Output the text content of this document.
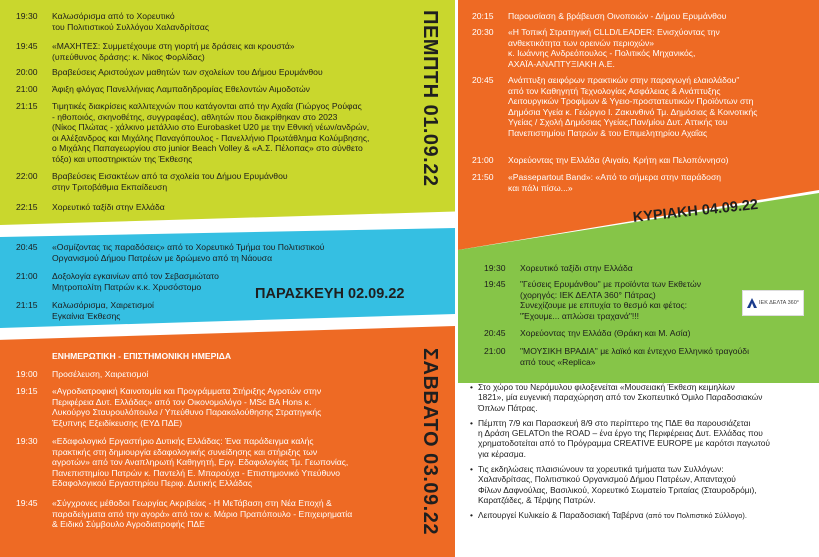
ΠΕΜΠΤΗ 01.09.22
ΣΑΒΒΑΤΟ 03.09.22
ΠΑΡΑΣΚΕΥΗ 02.09.22
ΚΥΡΙΑΚΗ 04.09.22
ΕΝΗΜΕΡΩΤΙΚΗ - ΕΠΙΣΤΗΜΟΝΙΚΗ ΗΜΕΡΙΔΑ
19:30	Καλωσόρισμα από το Χορευτικό
του Πολιτιστικού Συλλόγου Χαλανδρίτσας
19:45	«ΜΑΧΗΤΕΣ: Συμμετέχουμε στη γιορτή με δράσεις και κρουστά»
(υπεύθυνος δράσης: κ. Νίκος Φορλίδας)
20:00	Βραβεύσεις Αριστούχων μαθητών των σχολείων του Δήμου Ερυμάνθου
21:00	Άφιξη φλόγας Πανελλήνιας Λαμπαδηδρομίας Εθελοντών Αιμοδοτών
21:15	Τιμητικές διακρίσεις καλλιτεχνών που κατάγονται από την Αχαΐα (Γιώργος Ρούφας
- ηθοποιός, σκηνοθέτης, συγγραφέας), αθλητών που διακρίθηκαν στο 2023
(Νίκος Πλώτας - χάλκινο μετάλλιο στο Eurobasket U20 με την Εθνική νέων/ανδρών,
οι Αλέξανδρος και Μιχάλης Παναγόπουλος - Πανελλήνιο Πρωτάθλημα Κολύμβησης,
ο Μιχάλης Παπαγεωργίου στο junior Beach Volley & «Α.Σ. Πέλοπας» στο σύνθετο
τόξο) και υποστηρικτών της Έκθεσης
22:00	Βραβεύσεις Εισακτέων από τα σχολεία του Δήμου Ερυμάνθου
στην Τριτοβάθμια Εκπαίδευση
22:15	Χορευτικό ταξίδι στην Ελλάδα
20:45	«Οσμίζοντας τις παραδόσεις» από το Χορευτικό Τμήμα του Πολιτιστικού
Οργανισμού Δήμου Πατρέων με δρώμενο από τη Νάουσα
21:00	Δοξολογία εγκαινίων από τον Σεβασμιώτατο
Μητροπολίτη Πατρών κ.κ. Χρυσόστομο
21:15	Καλωσόρισμα, Χαιρετισμοί
Εγκαίνια Έκθεσης
19:00	Προσέλευση, Χαιρετισμοί
19:15	«Αγροδιατροφική Καινοτομία και Προγράμματα Στήριξης Αγροτών στην
Περιφέρεια Δυτ. Ελλάδας» από τον Οικονομολόγο - MSc ΒΑ Hons κ.
Λυκούργο Σταυρουλόπουλο / Υπεύθυνο Παρακολούθησης Στρατηγικής
Έξυπνης Εξειδίκευσης (ΕΥΔ ΠΔΕ)
19:30	«Εδαφολογικό Εργαστήριο Δυτικής Ελλάδας: Ένα παράδειγμα καλής
πρακτικής στη δημιουργία εδαφολογικής συνείδησης και στήριξης των
αγροτών» από τον Αναπληρωτή Καθηγητή, Εργ. Εδαφολογίας Τμ. Γεωπονίας,
Πανεπιστημίου Πατρών κ. Παντελή Ε. Μπαρούχα - Επιστημονικό Υπεύθυνο
Εδαφολογικού Εργαστηρίου Περιφ. Δυτικής Ελλάδας
19:45	«Σύγχρονες μέθοδοι Γεωργίας Ακριβείας - Η ΜεΤάβαση στη Νέα Εποχή &
παραδείγματα από την αγορά» από τον κ. Μάριο Πραπόπουλο - Επιχειρηματία
& Ειδικό Σύμβουλο Αγροδιατροφής ΠΔΕ
20:15	Παρουσίαση & βράβευση Οινοποιών - Δήμου Ερυμάνθου
20:30	«Η Τοπική Στρατηγική CLLD/LEADER: Ενισχύοντας την
ανθεκτικότητα των ορεινών περιοχών»
κ. Ιωάννης Ανδρεόπουλος - Πολιτικός Μηχανικός,
ΑΧΑΪΑ-ΑΝΑΠΤΥΞΙΑΚΗ Α.Ε.
20:45	Ανάπτυξη αειφόρων πρακτικών στην παραγωγή ελαιολάδου"
από τον Καθηγητή Τεχνολογίας Ασφάλειας & Ανάπτυξης
Λειτουργικών Τροφίμων & Υγειο-προστατευτικών Προϊόντων στη
Δημόσια Υγεία κ. Γεώργιο Ι. Ζακυνθινό Τμ. Δημόσιας & Κοινοτικής
Υγείας / Σχολή Δημόσιας Υγείας,Παν/μίου Δυτ. Αττικής του
Πανεπιστημίου Πατρών & του Επιμελητηρίου Αχαΐας
21:00	Χορεύοντας την Ελλάδα (Αιγαίο, Κρήτη και Πελοπόννησο)
21:50	«Passepartout Band»: «Από το σήμερα στην παράδοση
και πάλι πίσω...»
19:30	Χορευτικό ταξίδι στην Ελλάδα
19:45	"Γεύσεις Ερυμάνθου" με προϊόντα των Εκθετών
(χορηγός: ΙΕΚ ΔΕΛΤΑ 360° Πάτρας)
Συνεχίζουμε με επιτυχία το θεσμό και φέτος:
"Έχουμε... απλώσει τραχανά"!!!
20:45	Χορεύοντας την Ελλάδα (Θράκη και Μ. Ασία)
21:00	"ΜΟΥΣΙΚΗ ΒΡΑΔΙΑ" με λαϊκό και έντεχνο Ελληνικό τραγούδι
από τους «Replica»
ΙΕΚ ΔΕΛΤΑ 360°
• Στο χώρο του Νερόμυλου φιλοξενείται «Μουσειακή Έκθεση κειμηλίων
1821», μία ευγενική παραχώρηση από τον Σκοπευτικό Όμιλο Παραδοσιακών
Όπλων Πάτρας.
• Πέμπτη 7/9 και Παρασκευή 8/9 στο περίπτερο της ΠΔΕ θα παρουσιάζεται
η Δράση GELATOn the ROAD – ένα έργο της Περιφέρειας Δυτ. Ελλάδας που
χρηματοδοτείται από το Πρόγραμμα CREATIVE EUROPE με καρότσι παγωτού
για κέρασμα.
• Τις εκδηλώσεις πλαισιώνουν τα χορευτικά τμήματα των Συλλόγων:
Χαλανδρίτσας, Πολιτιστικού Οργανισμού Δήμου Πατρέων, Απανταχού
Φίλων Δαφνούλας, Βασιλικού, Χορευτικό Σωματείο Τριταίας (Σταυροδρόμι),
Καρατζάδες, & Τέρψης Πατρών.
• Λειτουργεί Κυλικείο & Παραδοσιακή Ταβέρνα (από τον Πολιτιστικό Σύλλογο).
